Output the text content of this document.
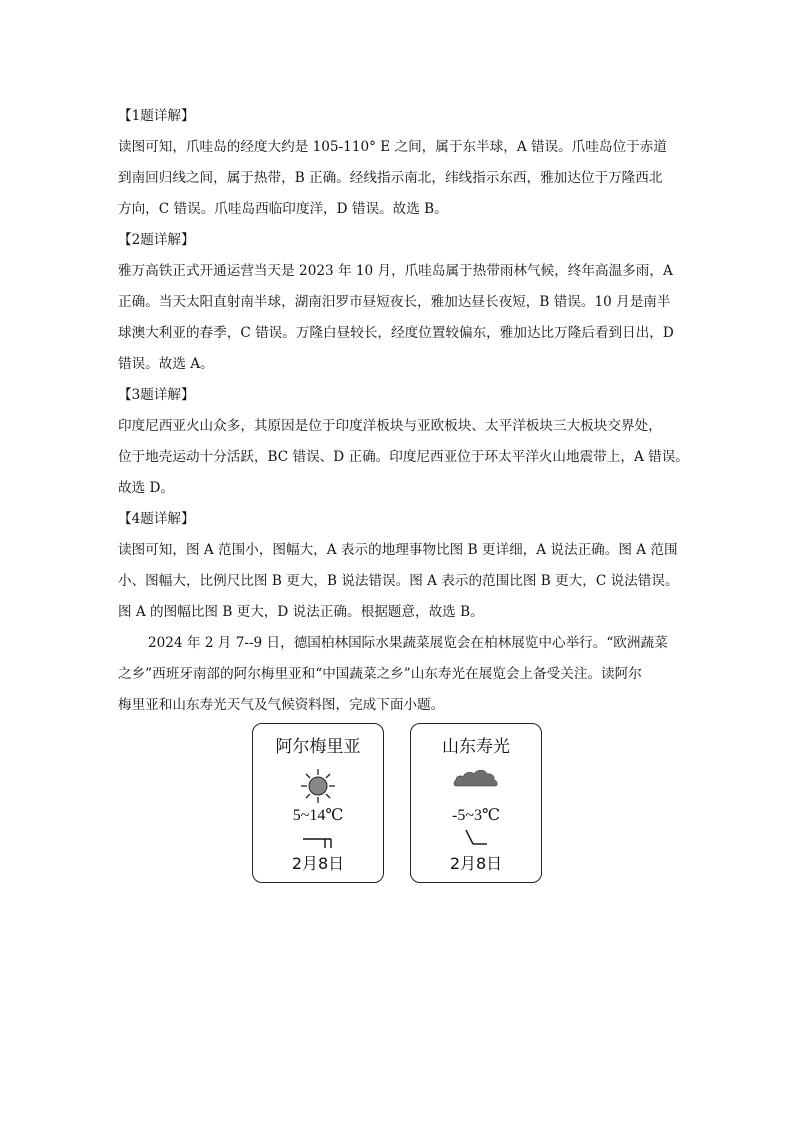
【1题详解】

读图可知，爪哇岛的经度大约是 105-110° E 之间，属于东半球，A 错误。爪哇岛位于赤道

到南回归线之间，属于热带，B 正确。经线指示南北，纬线指示东西，雅加达位于万隆西北

方向，C 错误。爪哇岛西临印度洋，D 错误。故选 B。

【2题详解】

雅万高铁正式开通运营当天是 2023 年 10 月，爪哇岛属于热带雨林气候，终年高温多雨，A

正确。当天太阳直射南半球，湖南汨罗市昼短夜长，雅加达昼长夜短，B 错误。10 月是南半

球澳大利亚的春季，C 错误。万隆白昼较长，经度位置较偏东，雅加达比万隆后看到日出，D

错误。故选 A。

【3题详解】

印度尼西亚火山众多，其原因是位于印度洋板块与亚欧板块、太平洋板块三大板块交界处，

位于地壳运动十分活跃，BC 错误、D 正确。印度尼西亚位于环太平洋火山地震带上，A 错误。

故选 D。

【4题详解】

读图可知，图 A 范围小，图幅大，A 表示的地理事物比图 B 更详细，A 说法正确。图 A 范围

小、图幅大，比例尺比图 B 更大，B 说法错误。图 A 表示的范围比图 B 更大，C 说法错误。

图 A 的图幅比图 B 更大，D 说法正确。根据题意，故选 B。

2024 年 2 月 7--9 日，德国柏林国际水果蔬菜展览会在柏林展览中心举行。“欧洲蔬菜

之乡”西班牙南部的阿尔梅里亚和“中国蔬菜之乡”山东寿光在展览会上备受关注。读阿尔

梅里亚和山东寿光天气及气候资料图，完成下面小题。

阿尔梅里亚
5~14℃
2月8日
山东寿光
-5~3℃
2月8日
